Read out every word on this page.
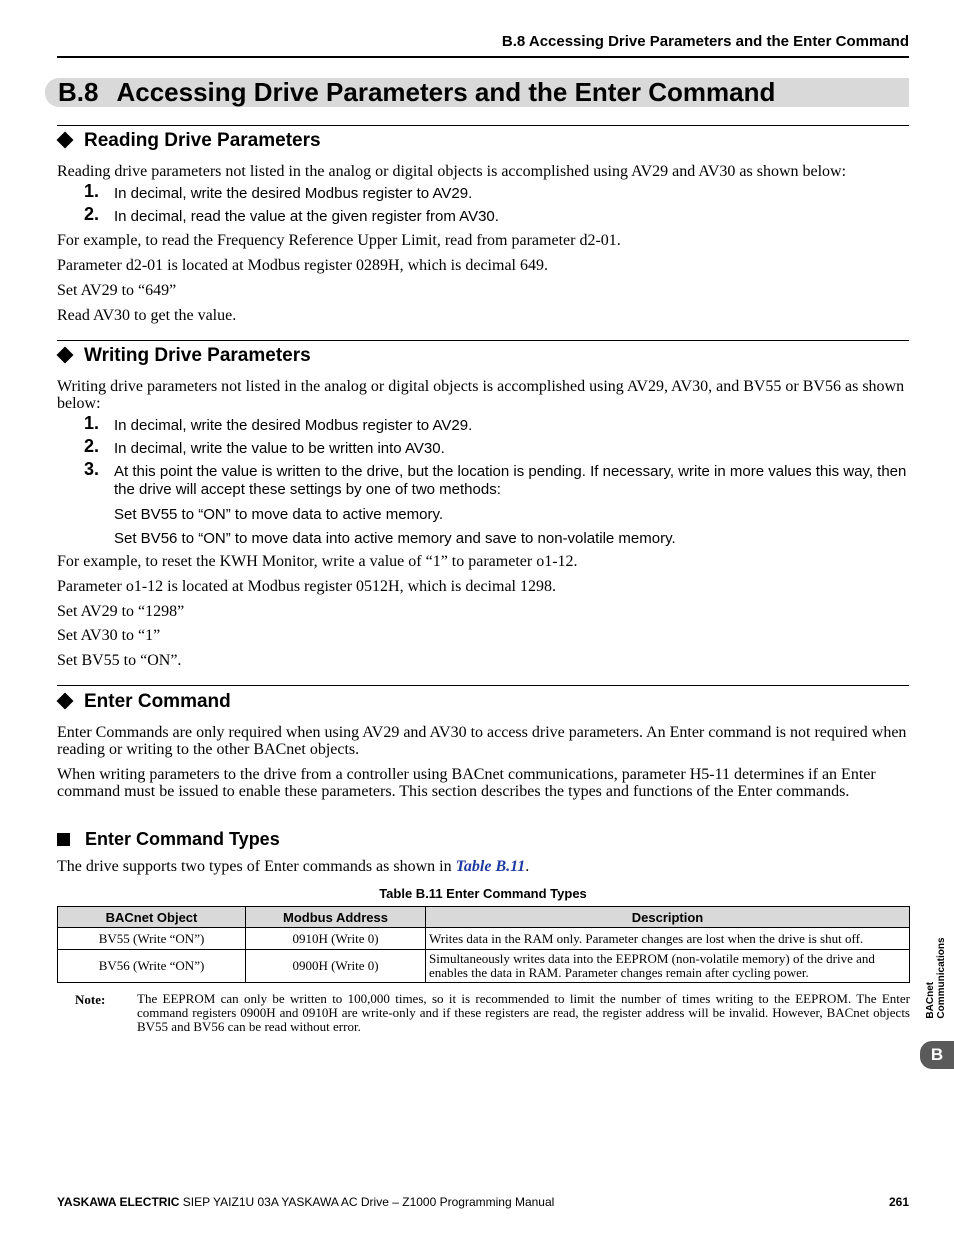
B.8 Accessing Drive Parameters and the Enter Command
B.8 Accessing Drive Parameters and the Enter Command
Reading Drive Parameters
Reading drive parameters not listed in the analog or digital objects is accomplished using AV29 and AV30 as shown below:
1. In decimal, write the desired Modbus register to AV29.
2. In decimal, read the value at the given register from AV30.
For example, to read the Frequency Reference Upper Limit, read from parameter d2-01.
Parameter d2-01 is located at Modbus register 0289H, which is decimal 649.
Set AV29 to “649”
Read AV30 to get the value.
Writing Drive Parameters
Writing drive parameters not listed in the analog or digital objects is accomplished using AV29, AV30, and BV55 or BV56 as shown below:
1. In decimal, write the desired Modbus register to AV29.
2. In decimal, write the value to be written into AV30.
3. At this point the value is written to the drive, but the location is pending. If necessary, write in more values this way, then the drive will accept these settings by one of two methods:
Set BV55 to “ON” to move data to active memory.
Set BV56 to “ON” to move data into active memory and save to non-volatile memory.
For example, to reset the KWH Monitor, write a value of “1” to parameter o1-12.
Parameter o1-12 is located at Modbus register 0512H, which is decimal 1298.
Set AV29 to “1298”
Set AV30 to “1”
Set BV55 to “ON”.
Enter Command
Enter Commands are only required when using AV29 and AV30 to access drive parameters. An Enter command is not required when reading or writing to the other BACnet objects.
When writing parameters to the drive from a controller using BACnet communications, parameter H5-11 determines if an Enter command must be issued to enable these parameters. This section describes the types and functions of the Enter commands.
Enter Command Types
The drive supports two types of Enter commands as shown in Table B.11.
Table B.11 Enter Command Types
BACnet Object	Modbus Address	Description
BV55 (Write “ON”)	0910H (Write 0)	Writes data in the RAM only. Parameter changes are lost when the drive is shut off.
BV56 (Write “ON”)	0900H (Write 0)	Simultaneously writes data into the EEPROM (non-volatile memory) of the drive and enables the data in RAM. Parameter changes remain after cycling power.
Note: The EEPROM can only be written to 100,000 times, so it is recommended to limit the number of times writing to the EEPROM. The Enter command registers 0900H and 0910H are write-only and if these registers are read, the register address will be invalid. However, BACnet objects BV55 and BV56 can be read without error.
BACnet Communications
B
YASKAWA ELECTRIC SIEP YAIZ1U 03A YASKAWA AC Drive – Z1000 Programming Manual	261
